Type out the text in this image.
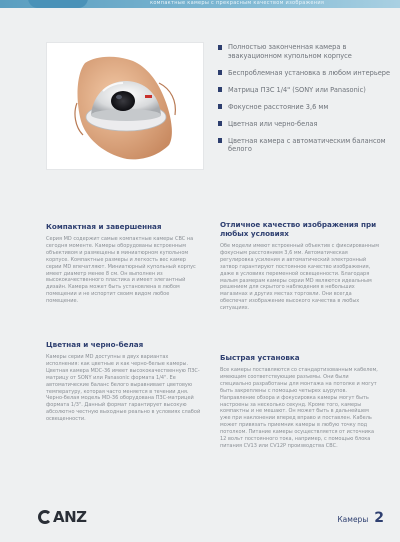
компактные камеры с прекрасным качеством изображения
Полностью законченная камера в эвакуационном купольном корпусе
Беспроблемная установка в любом интерьере
Матрица ПЗС 1/4" (SONY или Panasonic)
Фокусное расстояние 3,6 мм
Цветная или черно-белая
Цветная камера с автоматическим балансом белого
Компактная и завершенная

Серия MD содержит самые компактные камеры CBC на сегодня моменте. Камеры оборудованы встроенным объективом и размещены в миниатюрном купольном корпусе. Компактные размеры и легкость вес камер серии MD впечатляют. Миниатюрный купольный корпус имеет диаметр менее 8 см. Он выполнен из высококачественного пластика и имеет элегантный дизайн. Камера может быть установлена в любом помещении и не испортит своим видом любое помещение.

Цветная и черно-белая

Камеры серии MD доступны в двух вариантах исполнения: как цветные и как черно-белые камеры. Цветная камера MDC-36 имеет высококачественную ПЗС-матрицу от SONY или Panasonic формата 1/4". Ее автоматические баланс белого выравнивает цветовую температуру, которая часто меняется в течении дня. Черно-белая модель MD-36 оборудована ПЗС-матрицей формата 1/3". Данный формат гарантирует высокую абсолютно честную выходные реально в условиях слабой освещенности.

Отличное качество изображения при любых условиях

Обе модели имеют встроенный объектив с фиксированным фокусным расстоянием 3,6 мм. Автоматическая регулировка усиления и автоматический электронный затвор гарантируют постоянное качество изображения, даже в условиях переменной освещенности. Благодаря малым размерам камеры серии MD являются идеальным решением для скрытого наблюдения в небольших магазинах и других местах торговли. Они всегда обеспечат изображение высокого качества в любых ситуациях.

Быстрая установка

Все камеры поставляются со стандартизованным кабелем, имеющим соответствующие разъемы. Они были специально разработаны для монтажа на потолке и могут быть закреплены с помощью четырех шурупов. Направление обзора и фокусировка камеры могут быть настроены за несколько секунд. Кроме того, камеры компактны и не мешают. Он может быть в дальнейшем уже при наклонении вперед вправо и поставлен. Кабель может привязать приемник камеры в любую точку под потолком. Питание камеры осуществляется от источника 12 вольт постоянного тока, например, с помощью блока питания CV13 или CV12P производства CBC.

ANZ	Камеры 2
